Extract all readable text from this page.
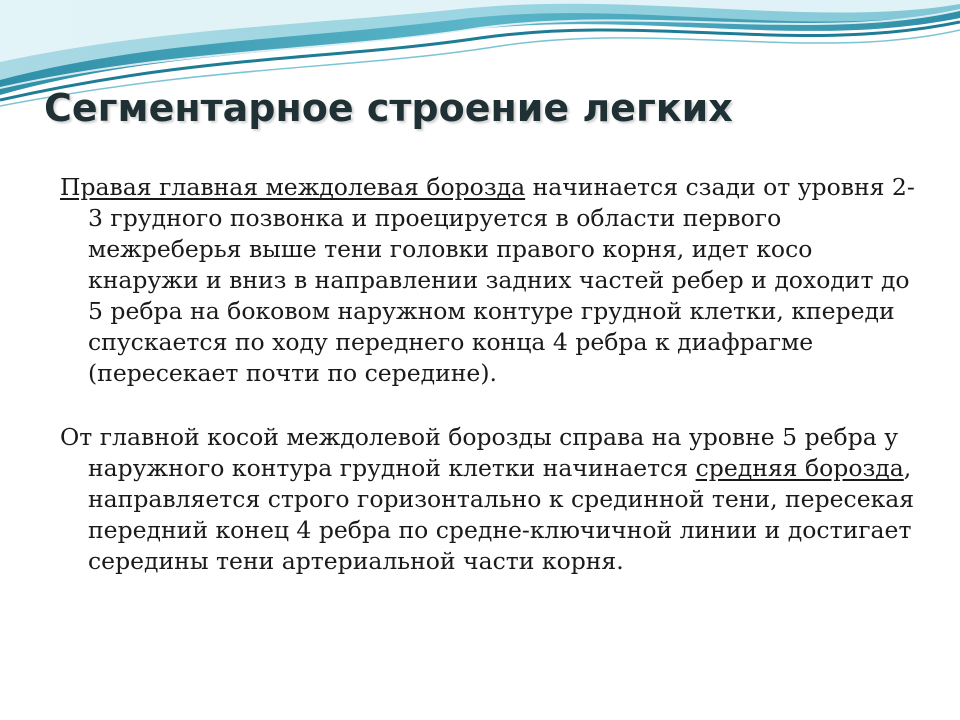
Сегментарное строение легких

Правая главная междолевая борозда начинается сзади от уровня 2-3 грудного позвонка и проецируется в области первого межреберья выше тени головки правого корня, идет косо кнаружи и вниз в направлении задних частей ребер и доходит до 5 ребра на боковом наружном контуре грудной клетки, кпереди спускается по ходу переднего конца 4 ребра к диафрагме (пересекает почти по середине).

От главной косой междолевой борозды справа на уровне 5 ребра у наружного контура грудной клетки начинается средняя борозда, направляется строго горизонтально к срединной тени, пересекая передний конец 4 ребра по средне-ключичной линии и достигает середины тени артериальной части корня.
